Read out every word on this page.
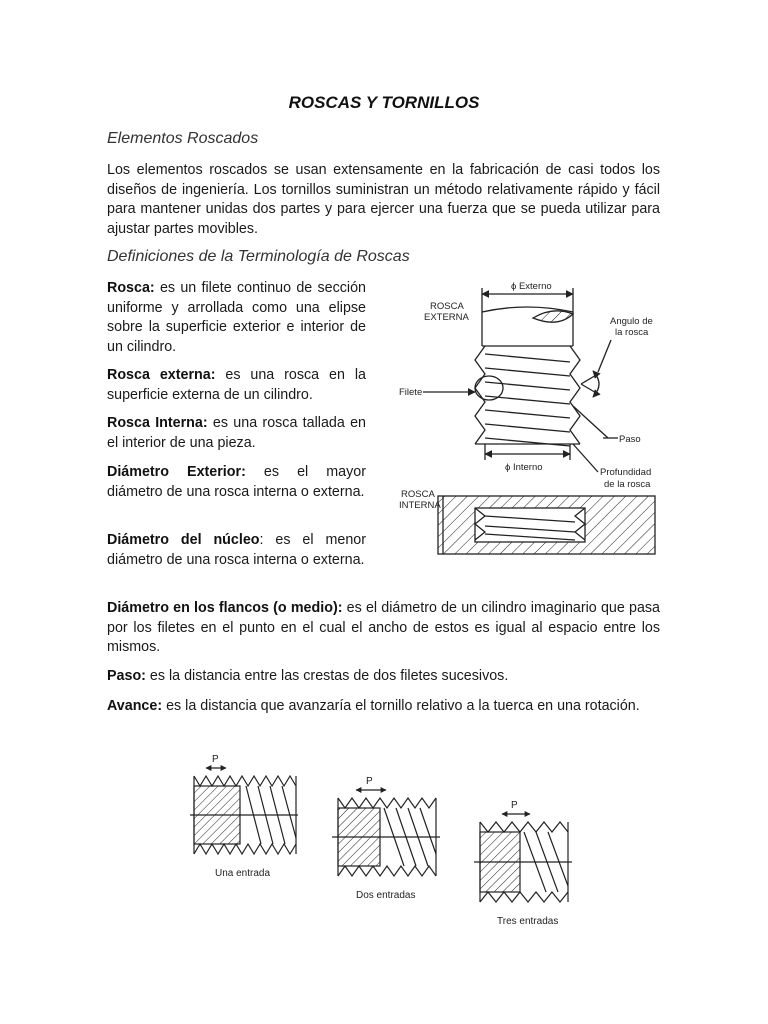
ROSCAS Y TORNILLOS
Elementos Roscados
Los elementos roscados se usan extensamente en la fabricación de casi todos los diseños de ingeniería. Los tornillos suministran un método relativamente rápido y fácil para mantener unidas dos partes y para ejercer una fuerza que se pueda utilizar para ajustar partes movibles.
Definiciones de la Terminología de Roscas
Rosca: es un filete continuo de sección uniforme y arrollada como una elipse sobre la superficie exterior e interior de un cilindro.
Rosca externa: es una rosca en la superficie externa de un cilindro.
Rosca Interna: es una rosca tallada en el interior de una pieza.
Diámetro Exterior: es el mayor diámetro de una rosca interna o externa.
Diámetro del núcleo: es el menor diámetro de una rosca interna o externa.
Diámetro en los flancos (o medio): es el diámetro de un cilindro imaginario que pasa por los filetes en el punto en el cual el ancho de estos es igual al espacio entre los mismos.
Paso: es la distancia entre las crestas de dos filetes sucesivos.
Avance: es la distancia que avanzaría el tornillo relativo a la tuerca en una rotación.
ϕ Externo
ROSCA
EXTERNA	Angulo de
la rosca
Filete
Paso
ϕ Interno	Profundidad
de la rosca
ROSCA
INTERNA
P
Una entrada
P
Dos entradas
P
Tres entradas
